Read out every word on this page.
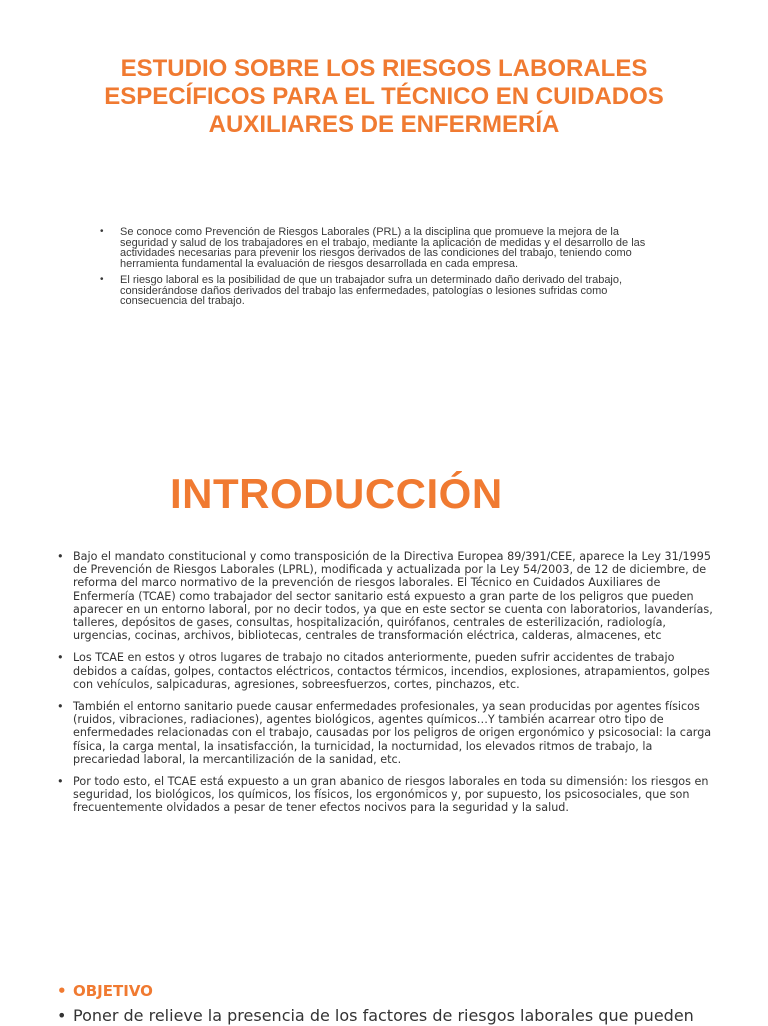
ESTUDIO SOBRE LOS RIESGOS LABORALES ESPECÍFICOS PARA EL TÉCNICO EN CUIDADOS AUXILIARES DE ENFERMERÍA
• Se conoce como Prevención de Riesgos Laborales (PRL) a la disciplina que promueve la mejora de la seguridad y salud de los trabajadores en el trabajo, mediante la aplicación de medidas y el desarrollo de las actividades necesarias para prevenir los riesgos derivados de las condiciones del trabajo, teniendo como herramienta fundamental la evaluación de riesgos desarrollada en cada empresa.
• El riesgo laboral es la posibilidad de que un trabajador sufra un determinado daño derivado del trabajo, considerándose daños derivados del trabajo las enfermedades, patologías o lesiones sufridas como consecuencia del trabajo.
INTRODUCCIÓN
• Bajo el mandato constitucional y como transposición de la Directiva Europea 89/391/CEE, aparece la Ley 31/1995 de Prevención de Riesgos Laborales (LPRL), modificada y actualizada por la Ley 54/2003, de 12 de diciembre, de reforma del marco normativo de la prevención de riesgos laborales. El Técnico en Cuidados Auxiliares de Enfermería (TCAE) como trabajador del sector sanitario está expuesto a gran parte de los peligros que pueden aparecer en un entorno laboral, por no decir todos, ya que en este sector se cuenta con laboratorios, lavanderías, talleres, depósitos de gases, consultas, hospitalización, quirófanos, centrales de esterilización, radiología, urgencias, cocinas, archivos, bibliotecas, centrales de transformación eléctrica, calderas, almacenes, etc
• Los TCAE en estos y otros lugares de trabajo no citados anteriormente, pueden sufrir accidentes de trabajo debidos a caídas, golpes, contactos eléctricos, contactos térmicos, incendios, explosiones, atrapamientos, golpes con vehículos, salpicaduras, agresiones, sobreesfuerzos, cortes, pinchazos, etc.
• También el entorno sanitario puede causar enfermedades profesionales, ya sean producidas por agentes físicos (ruidos, vibraciones, radiaciones), agentes biológicos, agentes químicos…Y también acarrear otro tipo de enfermedades relacionadas con el trabajo, causadas por los peligros de origen ergonómico y psicosocial: la carga física, la carga mental, la insatisfacción, la turnicidad, la nocturnidad, los elevados ritmos de trabajo, la precariedad laboral, la mercantilización de la sanidad, etc.
• Por todo esto, el TCAE está expuesto a un gran abanico de riesgos laborales en toda su dimensión: los riesgos en seguridad, los biológicos, los químicos, los físicos, los ergonómicos y, por supuesto, los psicosociales, que son frecuentemente olvidados a pesar de tener efectos nocivos para la seguridad y la salud.
• OBJETIVO
• Poner de relieve la presencia de los factores de riesgos laborales que pueden
